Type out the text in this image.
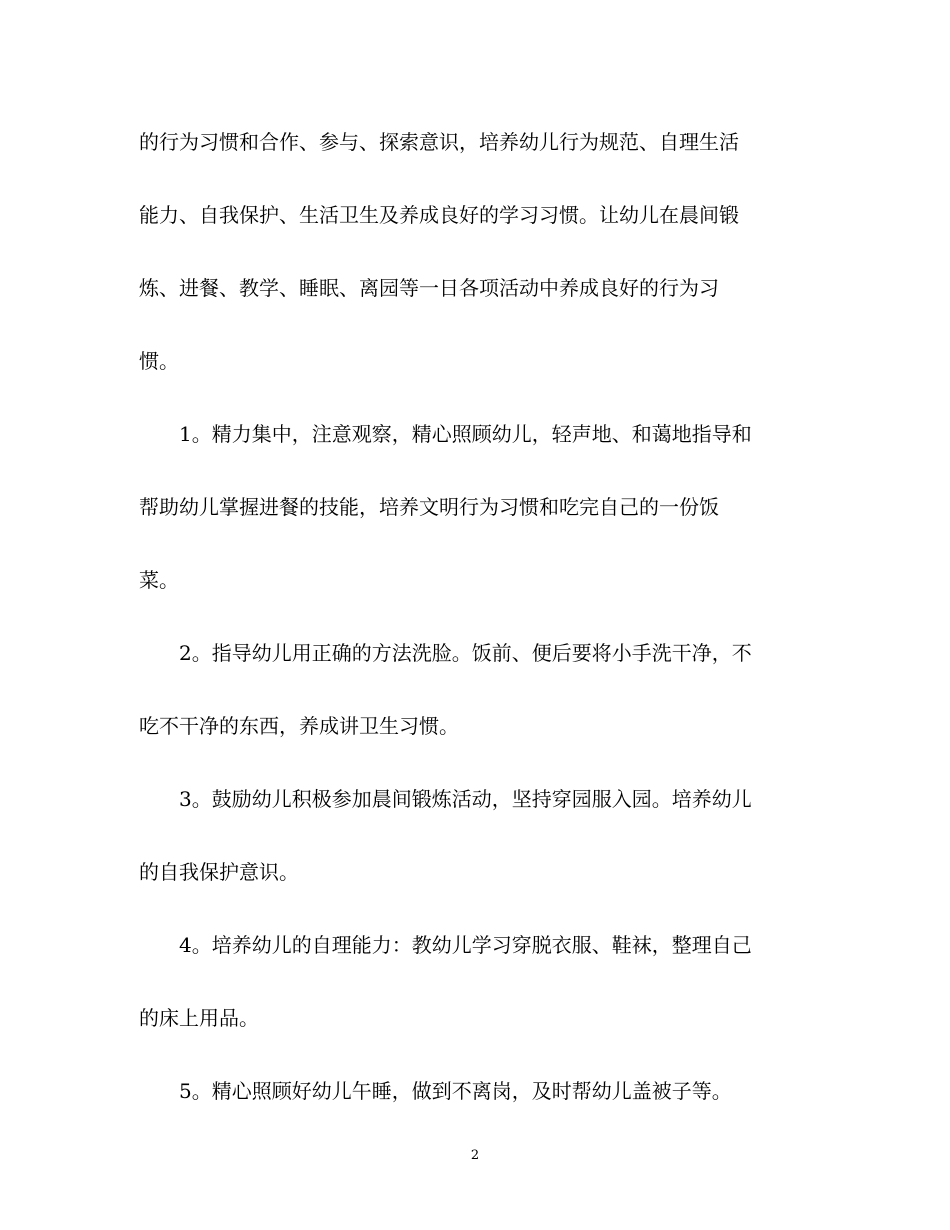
的行为习惯和合作、参与、探索意识，培养幼儿行为规范、自理生活
能力、自我保护、生活卫生及养成良好的学习习惯。让幼儿在晨间锻
炼、进餐、教学、睡眠、离园等一日各项活动中养成良好的行为习
惯。
1。精力集中，注意观察，精心照顾幼儿，轻声地、和蔼地指导和
帮助幼儿掌握进餐的技能，培养文明行为习惯和吃完自己的一份饭
菜。
2。指导幼儿用正确的方法洗脸。饭前、便后要将小手洗干净，不
吃不干净的东西，养成讲卫生习惯。
3。鼓励幼儿积极参加晨间锻炼活动，坚持穿园服入园。培养幼儿
的自我保护意识。
4。培养幼儿的自理能力：教幼儿学习穿脱衣服、鞋袜，整理自己
的床上用品。
5。精心照顾好幼儿午睡，做到不离岗，及时帮幼儿盖被子等。
2
